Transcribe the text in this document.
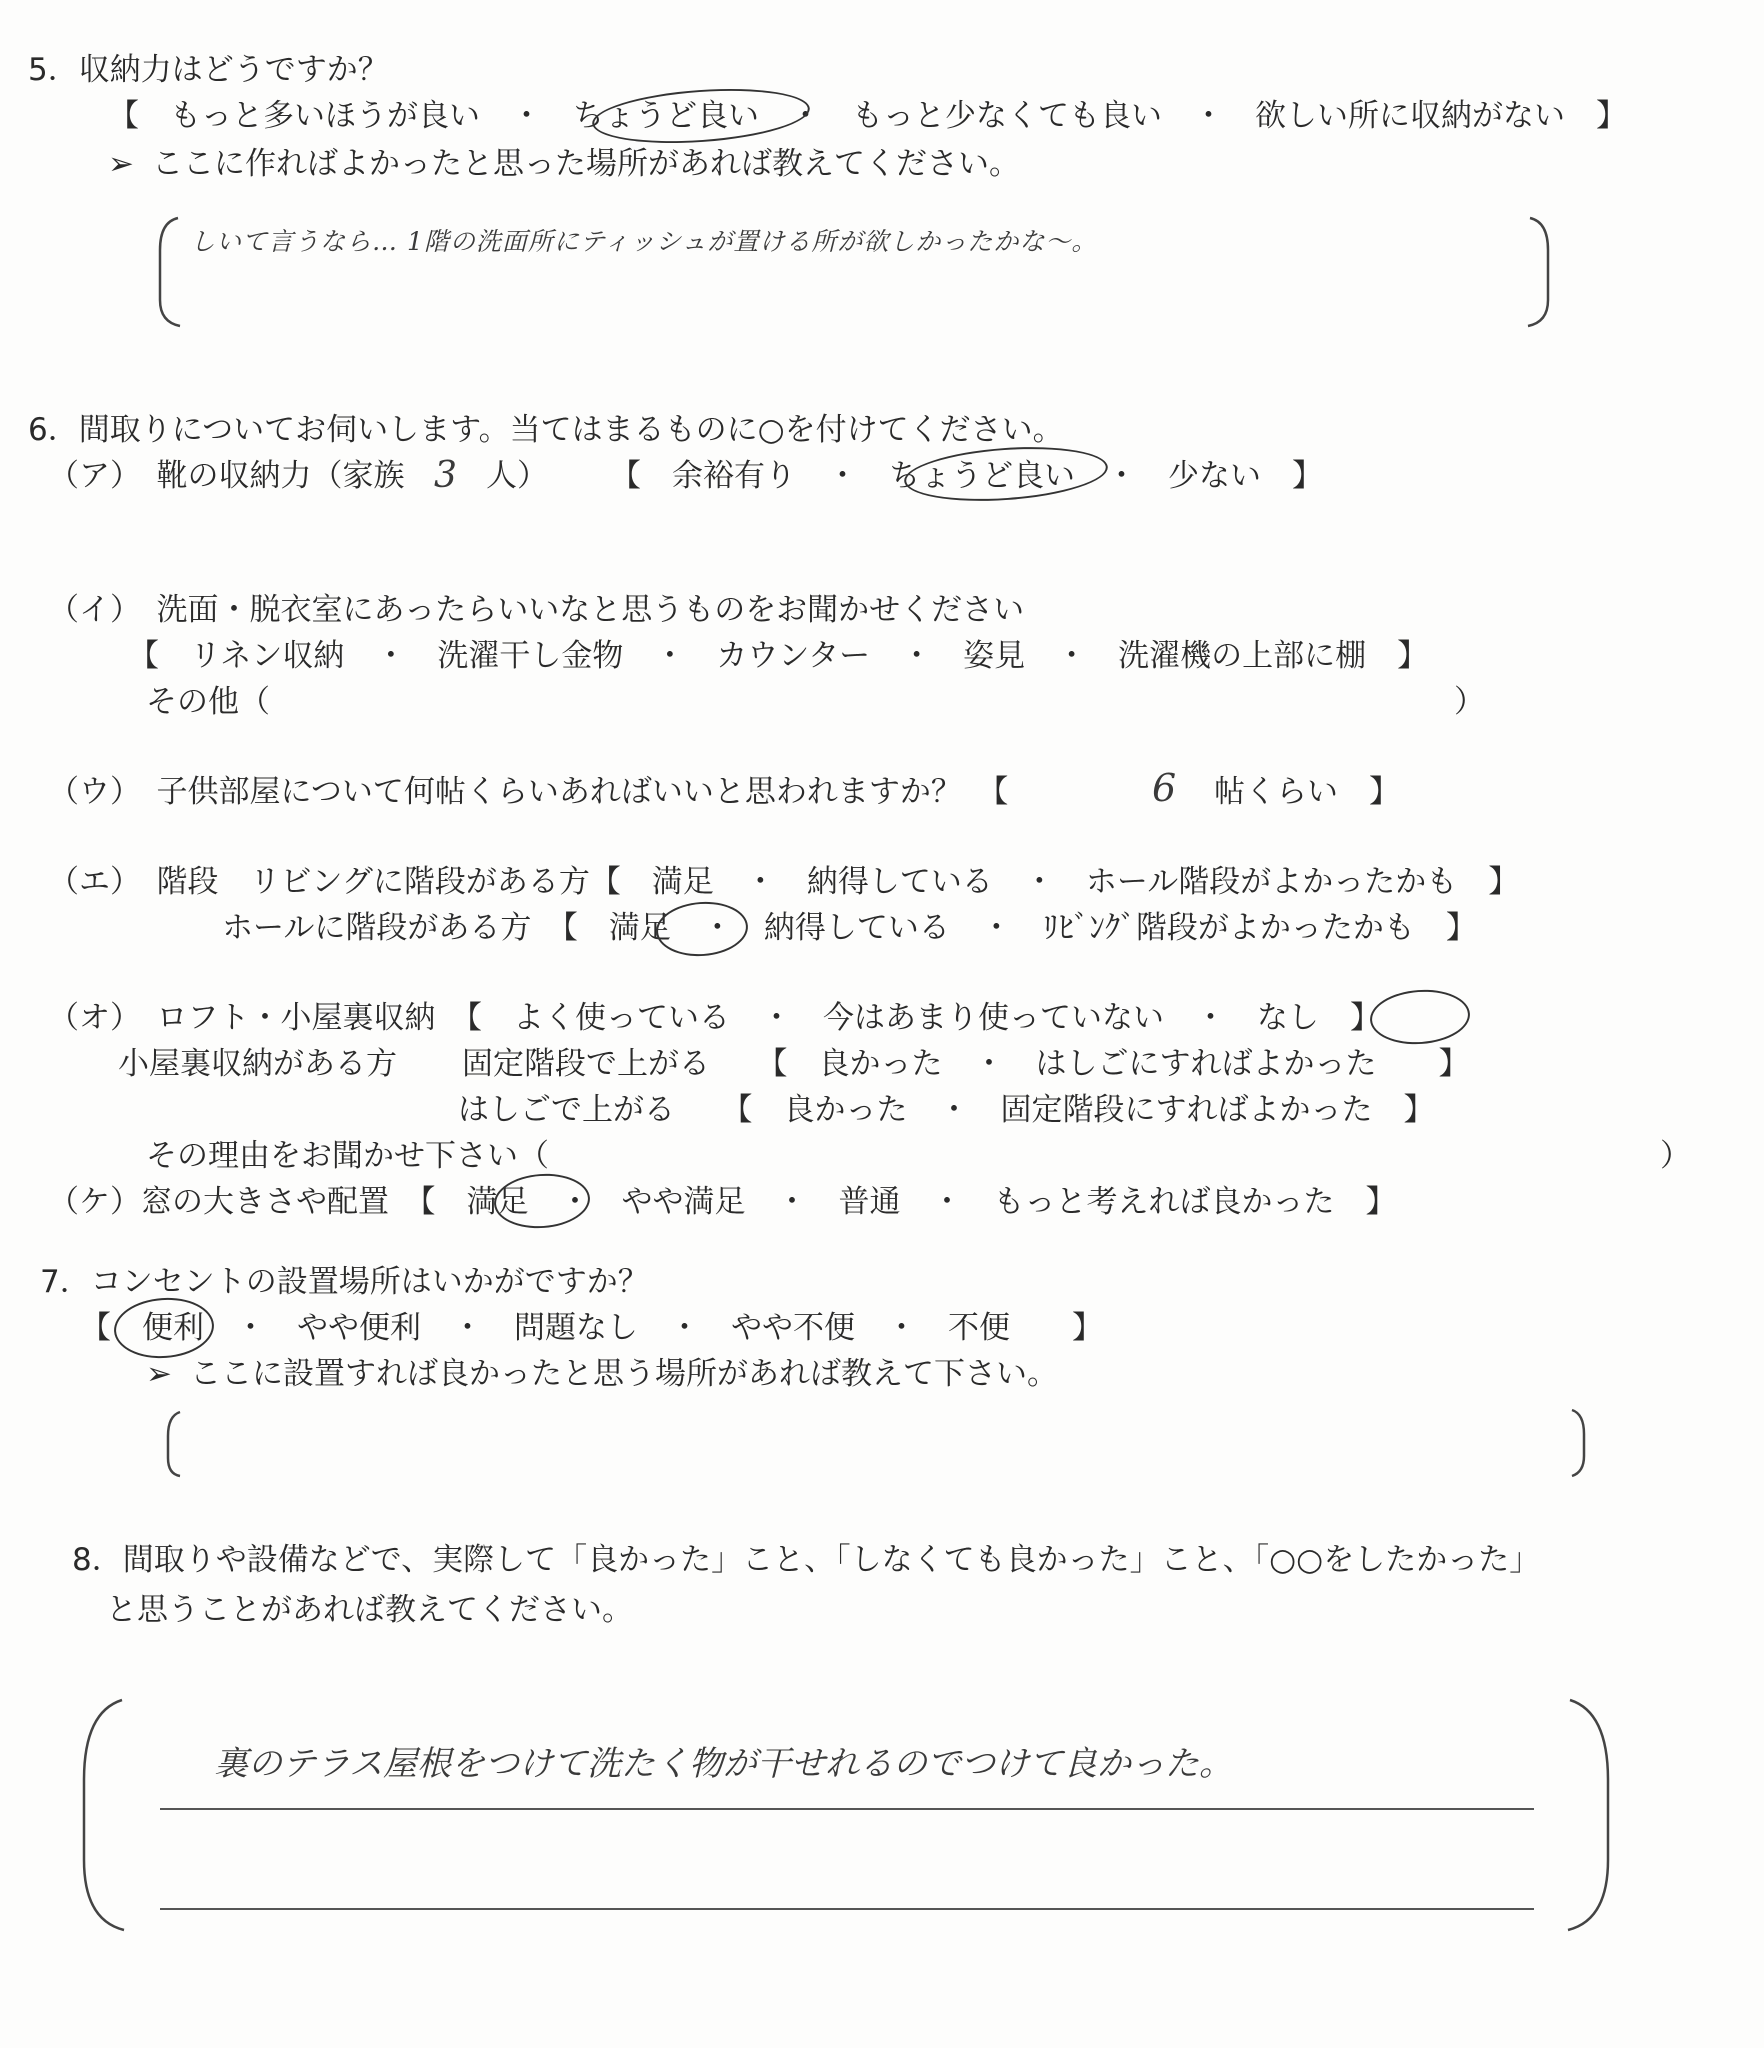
5．収納力はどうですか？
【　もっと多いほうが良い　・　ちょうど良い　・　もっと少なくても良い　・　欲しい所に収納がない　】
➢ ここに作ればよかったと思った場所があれば教えてください。
しいて言うなら… 1階の洗面所にティッシュが置ける所が欲しかったかな～。
6．間取りについてお伺いします。当てはまるものに○を付けてください。
（ア）　靴の収納力（家族 3 人） 【　余裕有り　・　ちょうど良い　・　少ない　】
（イ）　洗面・脱衣室にあったらいいなと思うものをお聞かせください
【　リネン収納　・　洗濯干し金物　・　カウンター　・　姿見　・　洗濯機の上部に棚　】
その他（	）
（ウ）　子供部屋について何帖くらいあればいいと思われますか？　【	6 帖くらい　】
（エ）　階段　リビングに階段がある方【　満足　・　納得している　・　ホール階段がよかったかも　】
ホールに階段がある方　【　満足　・　納得している　・　ﾘﾋﾞﾝｸﾞ階段がよかったかも　】
（オ）　ロフト・小屋裏収納　【　よく使っている　・　今はあまり使っていない　・　なし　】
小屋裏収納がある方 固定階段で上がる　　【　良かった　・　はしごにすればよかった　　】
はしごで上がる　　【　良かった　・　固定階段にすればよかった　】
その理由をお聞かせ下さい（	）
（ケ）窓の大きさや配置　【　満足　・　やや満足　・　普通　・　もっと考えれば良かった　】
7．コンセントの設置場所はいかがですか？
【　便利　・　やや便利　・　問題なし　・　やや不便　・　不便　　】
➢ ここに設置すれば良かったと思う場所があれば教えて下さい。
8．間取りや設備などで、実際して「良かった」こと、「しなくても良かった」こと、「○○をしたかった」
と思うことがあれば教えてください。
裏のテラス屋根をつけて洗たく物が干せれるのでつけて良かった。
